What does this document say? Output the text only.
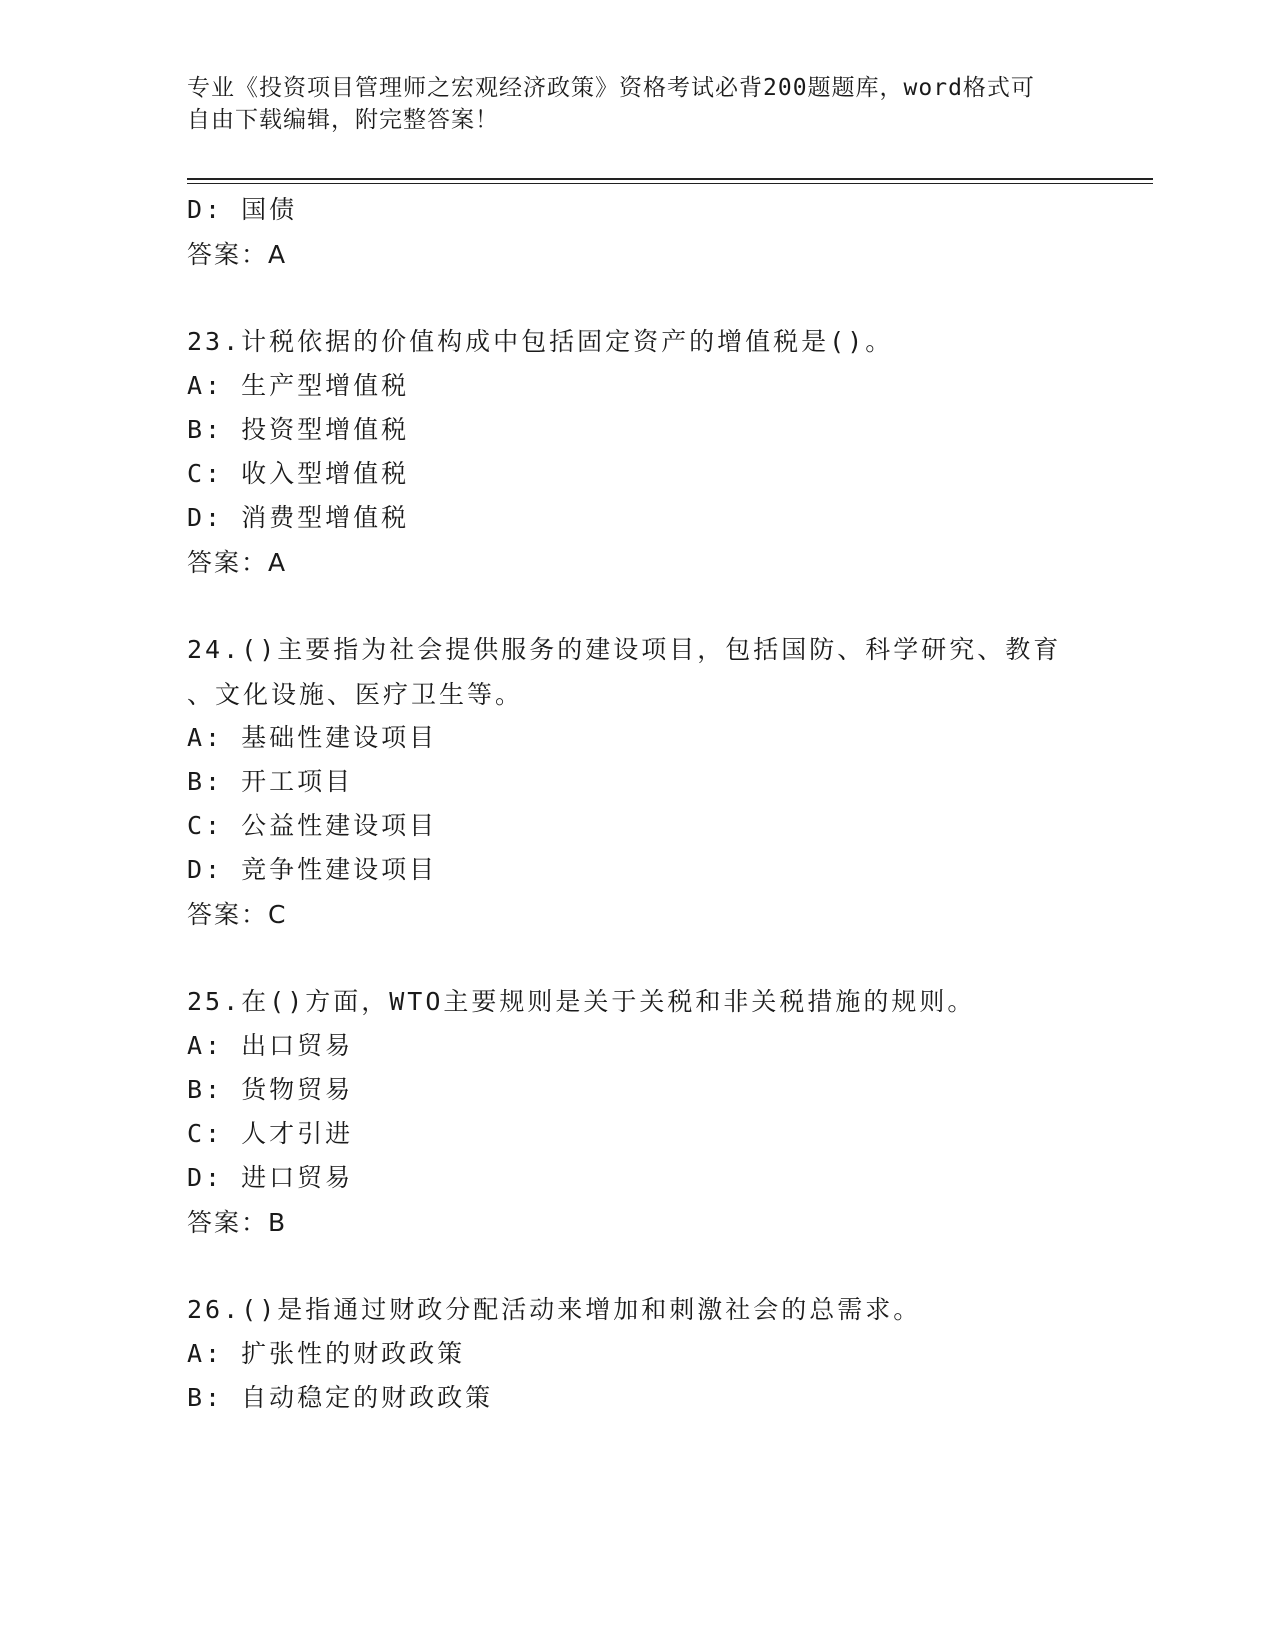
专业《投资项目管理师之宏观经济政策》资格考试必背200题题库，word格式可
自由下载编辑，附完整答案！
D: 国债
答案：A
23.计税依据的价值构成中包括固定资产的增值税是()。
A: 生产型增值税
B: 投资型增值税
C: 收入型增值税
D: 消费型增值税
答案：A
24.()主要指为社会提供服务的建设项目，包括国防、科学研究、教育
、文化设施、医疗卫生等。
A: 基础性建设项目
B: 开工项目
C: 公益性建设项目
D: 竞争性建设项目
答案：C
25.在()方面，WTO主要规则是关于关税和非关税措施的规则。
A: 出口贸易
B: 货物贸易
C: 人才引进
D: 进口贸易
答案：B
26.()是指通过财政分配活动来增加和刺激社会的总需求。
A: 扩张性的财政政策
B: 自动稳定的财政政策
